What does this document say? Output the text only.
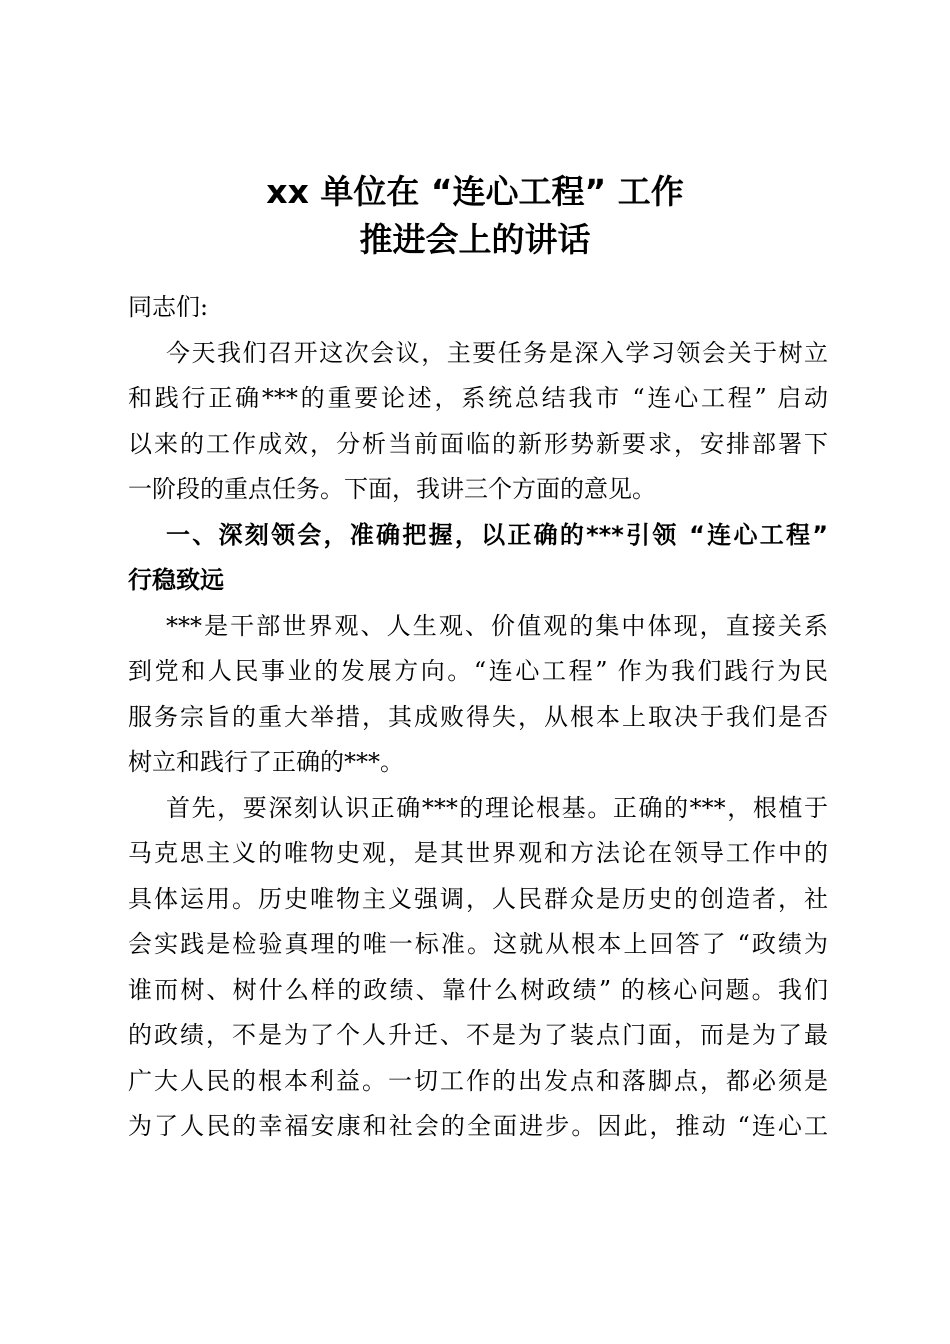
xx 单位在 “连心工程” 工作
推进会上的讲话
同志们:
今天我们召开这次会议，主要任务是深入学习领会关于树立
和践行正确***的重要论述，系统总结我市 “连心工程” 启动
以来的工作成效，分析当前面临的新形势新要求，安排部署下
一阶段的重点任务。下面，我讲三个方面的意见。
一、深刻领会，准确把握，以正确的***引领 “连心工程”
行稳致远
***是干部世界观、人生观、价值观的集中体现，直接关系
到党和人民事业的发展方向。“连心工程” 作为我们践行为民
服务宗旨的重大举措，其成败得失，从根本上取决于我们是否
树立和践行了正确的***。
首先，要深刻认识正确***的理论根基。正确的***，根植于
马克思主义的唯物史观，是其世界观和方法论在领导工作中的
具体运用。历史唯物主义强调，人民群众是历史的创造者，社
会实践是检验真理的唯一标准。这就从根本上回答了 “政绩为
谁而树、树什么样的政绩、靠什么树政绩” 的核心问题。我们
的政绩，不是为了个人升迁、不是为了装点门面，而是为了最
广大人民的根本利益。一切工作的出发点和落脚点，都必须是
为了人民的幸福安康和社会的全面进步。因此，推动 “连心工
